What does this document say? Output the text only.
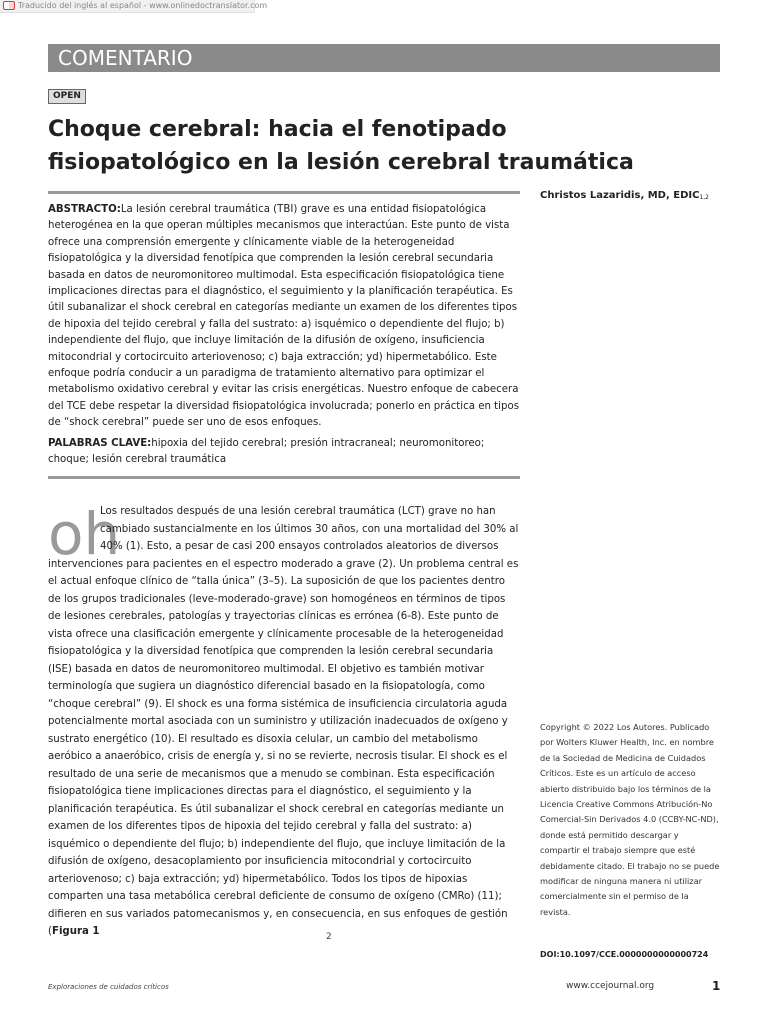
Traducido del inglés al español - www.onlinedoctranslator.com
COMENTARIO
OPEN
Choque cerebral: hacia el fenotipado fisiopatológico en la lesión cerebral traumática
Christos Lazaridis, MD, $EDIC_{1,2}$

ABSTRACTO:La lesión cerebral traumática (TBI) grave es una entidad fisiopatológica heterogénea en la que operan múltiples mecanismos que interactúan. Este punto de vista ofrece una comprensión emergente y clínicamente viable de la heterogeneidad fisiopatológica y la diversidad fenotípica que comprenden la lesión cerebral secundaria basada en datos de neuromonitoreo multimodal. Esta especificación fisiopatológica tiene implicaciones directas para el diagnóstico, el seguimiento y la planificación terapéutica. Es útil subanalizar el shock cerebral en categorías mediante un examen de los diferentes tipos de hipoxia del tejido cerebral y falla del sustrato: a) isquémico o dependiente del flujo; b) independiente del flujo, que incluye limitación de la difusión de oxígeno, insuficiencia mitocondrial y cortocircuito arteriovenoso; c) baja extracción; yd) hipermetabólico. Este enfoque podría conducir a un paradigma de tratamiento alternativo para optimizar el metabolismo oxidativo cerebral y evitar las crisis energéticas. Nuestro enfoque de cabecera del TCE debe respetar la diversidad fisiopatológica involucrada; ponerlo en práctica en tipos de “shock cerebral” puede ser uno de esos enfoques.

PALABRAS CLAVE:hipoxia del tejido cerebral; presión intracraneal; neuromonitoreo; choque; lesión cerebral traumática

oh

Los resultados después de una lesión cerebral traumática (LCT) grave no han cambiado sustancialmente en los últimos 30 años, con una mortalidad del 30% al 40% (1). Esto, a pesar de casi 200 ensayos controlados aleatorios de diversos intervenciones para pacientes en el espectro moderado a grave (2). Un problema central es el actual enfoque clínico de “talla única” (3–5). La suposición de que los pacientes dentro de los grupos tradicionales (leve-moderado-grave) son homogéneos en términos de tipos de lesiones cerebrales, patologías y trayectorias clínicas es errónea (6-8). Este punto de vista ofrece una clasificación emergente y clínicamente procesable de la heterogeneidad fisiopatológica y la diversidad fenotípica que comprenden la lesión cerebral secundaria (ISE) basada en datos de neuromonitoreo multimodal. El objetivo es también motivar terminología que sugiera un diagnóstico diferencial basado en la fisiopatología, como “choque cerebral” (9). El shock es una forma sistémica de insuficiencia circulatoria aguda potencialmente mortal asociada con un suministro y utilización inadecuados de oxígeno y sustrato energético (10). El resultado es disoxia celular, un cambio del metabolismo aeróbico a anaeróbico, crisis de energía y, si no se revierte, necrosis tisular. El shock es el resultado de una serie de mecanismos que a menudo se combinan. Esta especificación fisiopatológica tiene implicaciones directas para el diagnóstico, el seguimiento y la planificación terapéutica. Es útil subanalizar el shock cerebral en categorías mediante un examen de los diferentes tipos de hipoxia del tejido cerebral y falla del sustrato: a) isquémico o dependiente del flujo; b) independiente del flujo, que incluye limitación de la difusión de oxígeno, desacoplamiento por insuficiencia mitocondrial y cortocircuito arteriovenoso; c) baja extracción; yd) hipermetabólico. Todos los tipos de hipoxias comparten una tasa metabólica cerebral deficiente de consumo de oxígeno (CMRo) (11); difieren en sus variados patomecanismos y, en consecuencia, en sus enfoques de gestión (Figura 1	2
Copyright © 2022 Los Autores. Publicado por Wolters Kluwer Health, Inc. en nombre de la Sociedad de Medicina de Cuidados Críticos. Este es un artículo de acceso abierto distribuido bajo los términos de la Licencia Creative Commons Atribución-No Comercial-Sin Derivados 4.0 (CCBY-NC-ND), donde está permitido descargar y compartir el trabajo siempre que esté debidamente citado. El trabajo no se puede modificar de ninguna manera ni utilizar comercialmente sin el permiso de la revista.
DOI:10.1097/CCE.0000000000000724
Exploraciones de cuidados críticos	www.ccejournal.org	1
